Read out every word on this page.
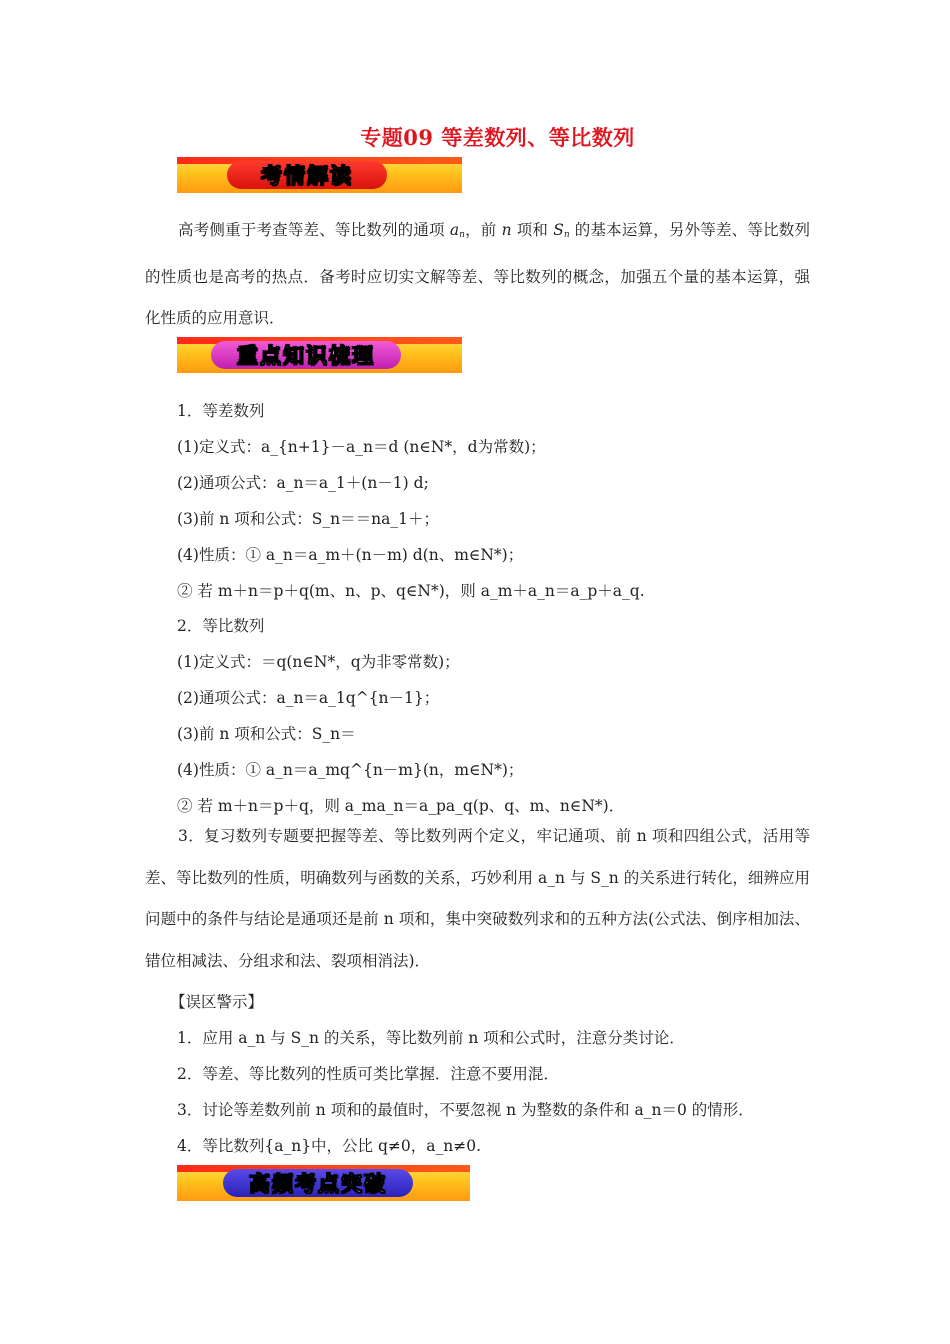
专题09 等差数列、等比数列
考情解读
高考侧重于考查等差、等比数列的通项 $a_n$，前 n 项和 $S_n$ 的基本运算，另外等差、等比数列的性质也是高考的热点．备考时应切实文解等差、等比数列的概念，加强五个量的基本运算，强化性质的应用意识．
重点知识梳理
1．等差数列
(1)定义式：a_{n+1}－a_n＝d (n∈N*，d为常数)；
(2)通项公式：a_n＝a_1＋(n－1) d;
(3)前 n 项和公式：S_n＝＝na_1＋；
(4)性质：① a_n＝a_m＋(n－m) d(n、m∈N*)；
② 若 m＋n＝p＋q(m、n、p、q∈N*)，则 a_m＋a_n＝a_p＋a_q.
2．等比数列
(1)定义式：＝q(n∈N*，q为非零常数)；
(2)通项公式：a_n＝a_1q^{n－1}；
(3)前 n 项和公式：S_n＝
(4)性质：① a_n＝a_mq^{n－m}(n，m∈N*)；
② 若 m＋n＝p＋q，则 a_ma_n＝a_pa_q(p、q、m、n∈N*)．
3．复习数列专题要把握等差、等比数列两个定义，牢记通项、前 n 项和四组公式，活用等差、等比数列的性质，明确数列与函数的关系，巧妙利用 a_n 与 S_n 的关系进行转化，细辨应用问题中的条件与结论是通项还是前 n 项和，集中突破数列求和的五种方法(公式法、倒序相加法、错位相减法、分组求和法、裂项相消法)．
【误区警示】
1．应用 a_n 与 S_n 的关系，等比数列前 n 项和公式时，注意分类讨论．
2．等差、等比数列的性质可类比掌握．注意不要用混．
3．讨论等差数列前 n 项和的最值时，不要忽视 n 为整数的条件和 a_n＝0 的情形．
4．等比数列{a_n}中，公比 q≠0，a_n≠0.
高频考点突破
